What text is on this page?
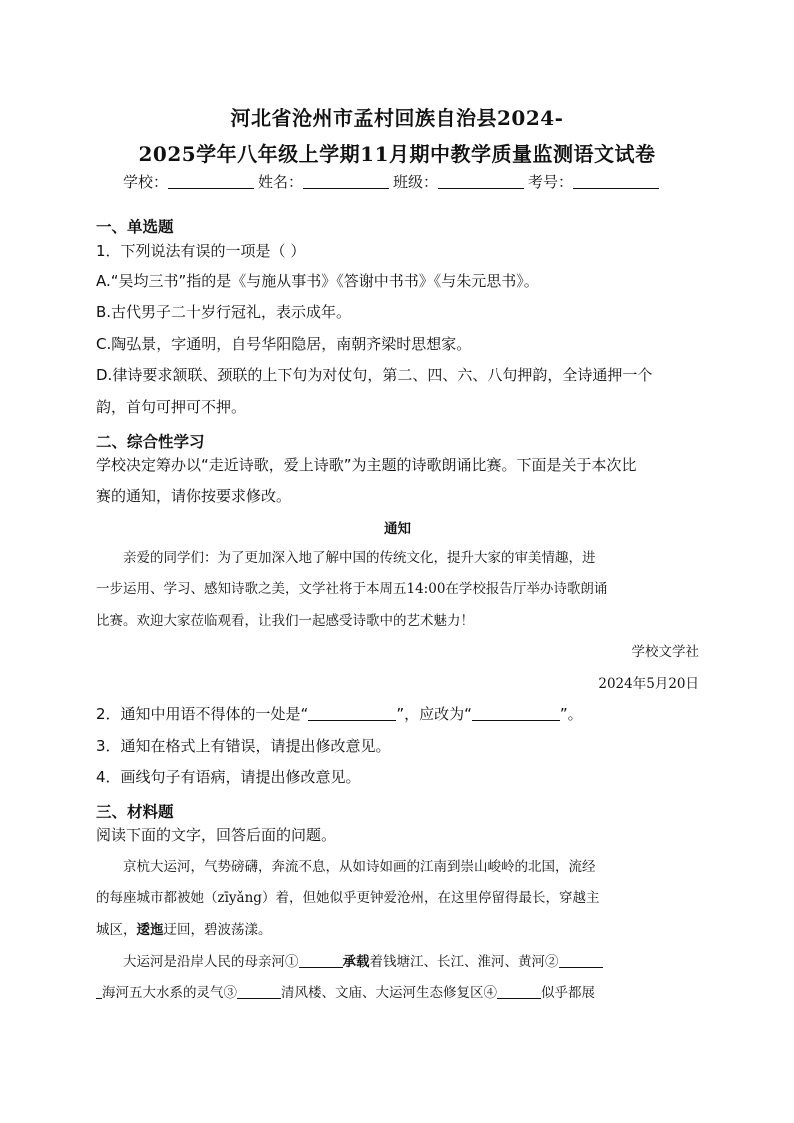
河北省沧州市孟村回族自治县2024-
2025学年八年级上学期11月期中教学质量监测语文试卷
学校：	姓名：	班级：	考号：
一、单选题
1．下列说法有误的一项是（ ）
A.“吴均三书”指的是《与施从事书》《答谢中书书》《与朱元思书》。
B.古代男子二十岁行冠礼，表示成年。
C.陶弘景，字通明，自号华阳隐居，南朝齐梁时思想家。
D.律诗要求颔联、颈联的上下句为对仗句，第二、四、六、八句押韵，全诗通押一个
韵，首句可押可不押。
二、综合性学习
学校决定筹办以“走近诗歌，爱上诗歌”为主题的诗歌朗诵比赛。下面是关于本次比
赛的通知，请你按要求修改。
通知
亲爱的同学们：为了更加深入地了解中国的传统文化，提升大家的审美情趣，进
一步运用、学习、感知诗歌之美，文学社将于本周五14:00在学校报告厅举办诗歌朗诵
比赛。欢迎大家莅临观看，让我们一起感受诗歌中的艺术魅力！
学校文学社
2024年5月20日
2．通知中用语不得体的一处是“	”，应改为“	”。
3．通知在格式上有错误，请提出修改意见。
4．画线句子有语病，请提出修改意见。
三、材料题
阅读下面的文字，回答后面的问题。
京杭大运河，气势磅礴，奔流不息，从如诗如画的江南到崇山峻岭的北国，流经
的每座城市都被她（zīyǎng）着，但她似乎更钟爱沧州，在这里停留得最长，穿越主
城区，逶迤迂回，碧波荡漾。
大运河是沿岸人民的母亲河①	承载着钱塘江、长江、淮河、黄河②
海河五大水系的灵气③	清风楼、文庙、大运河生态修复区④	似乎都展
